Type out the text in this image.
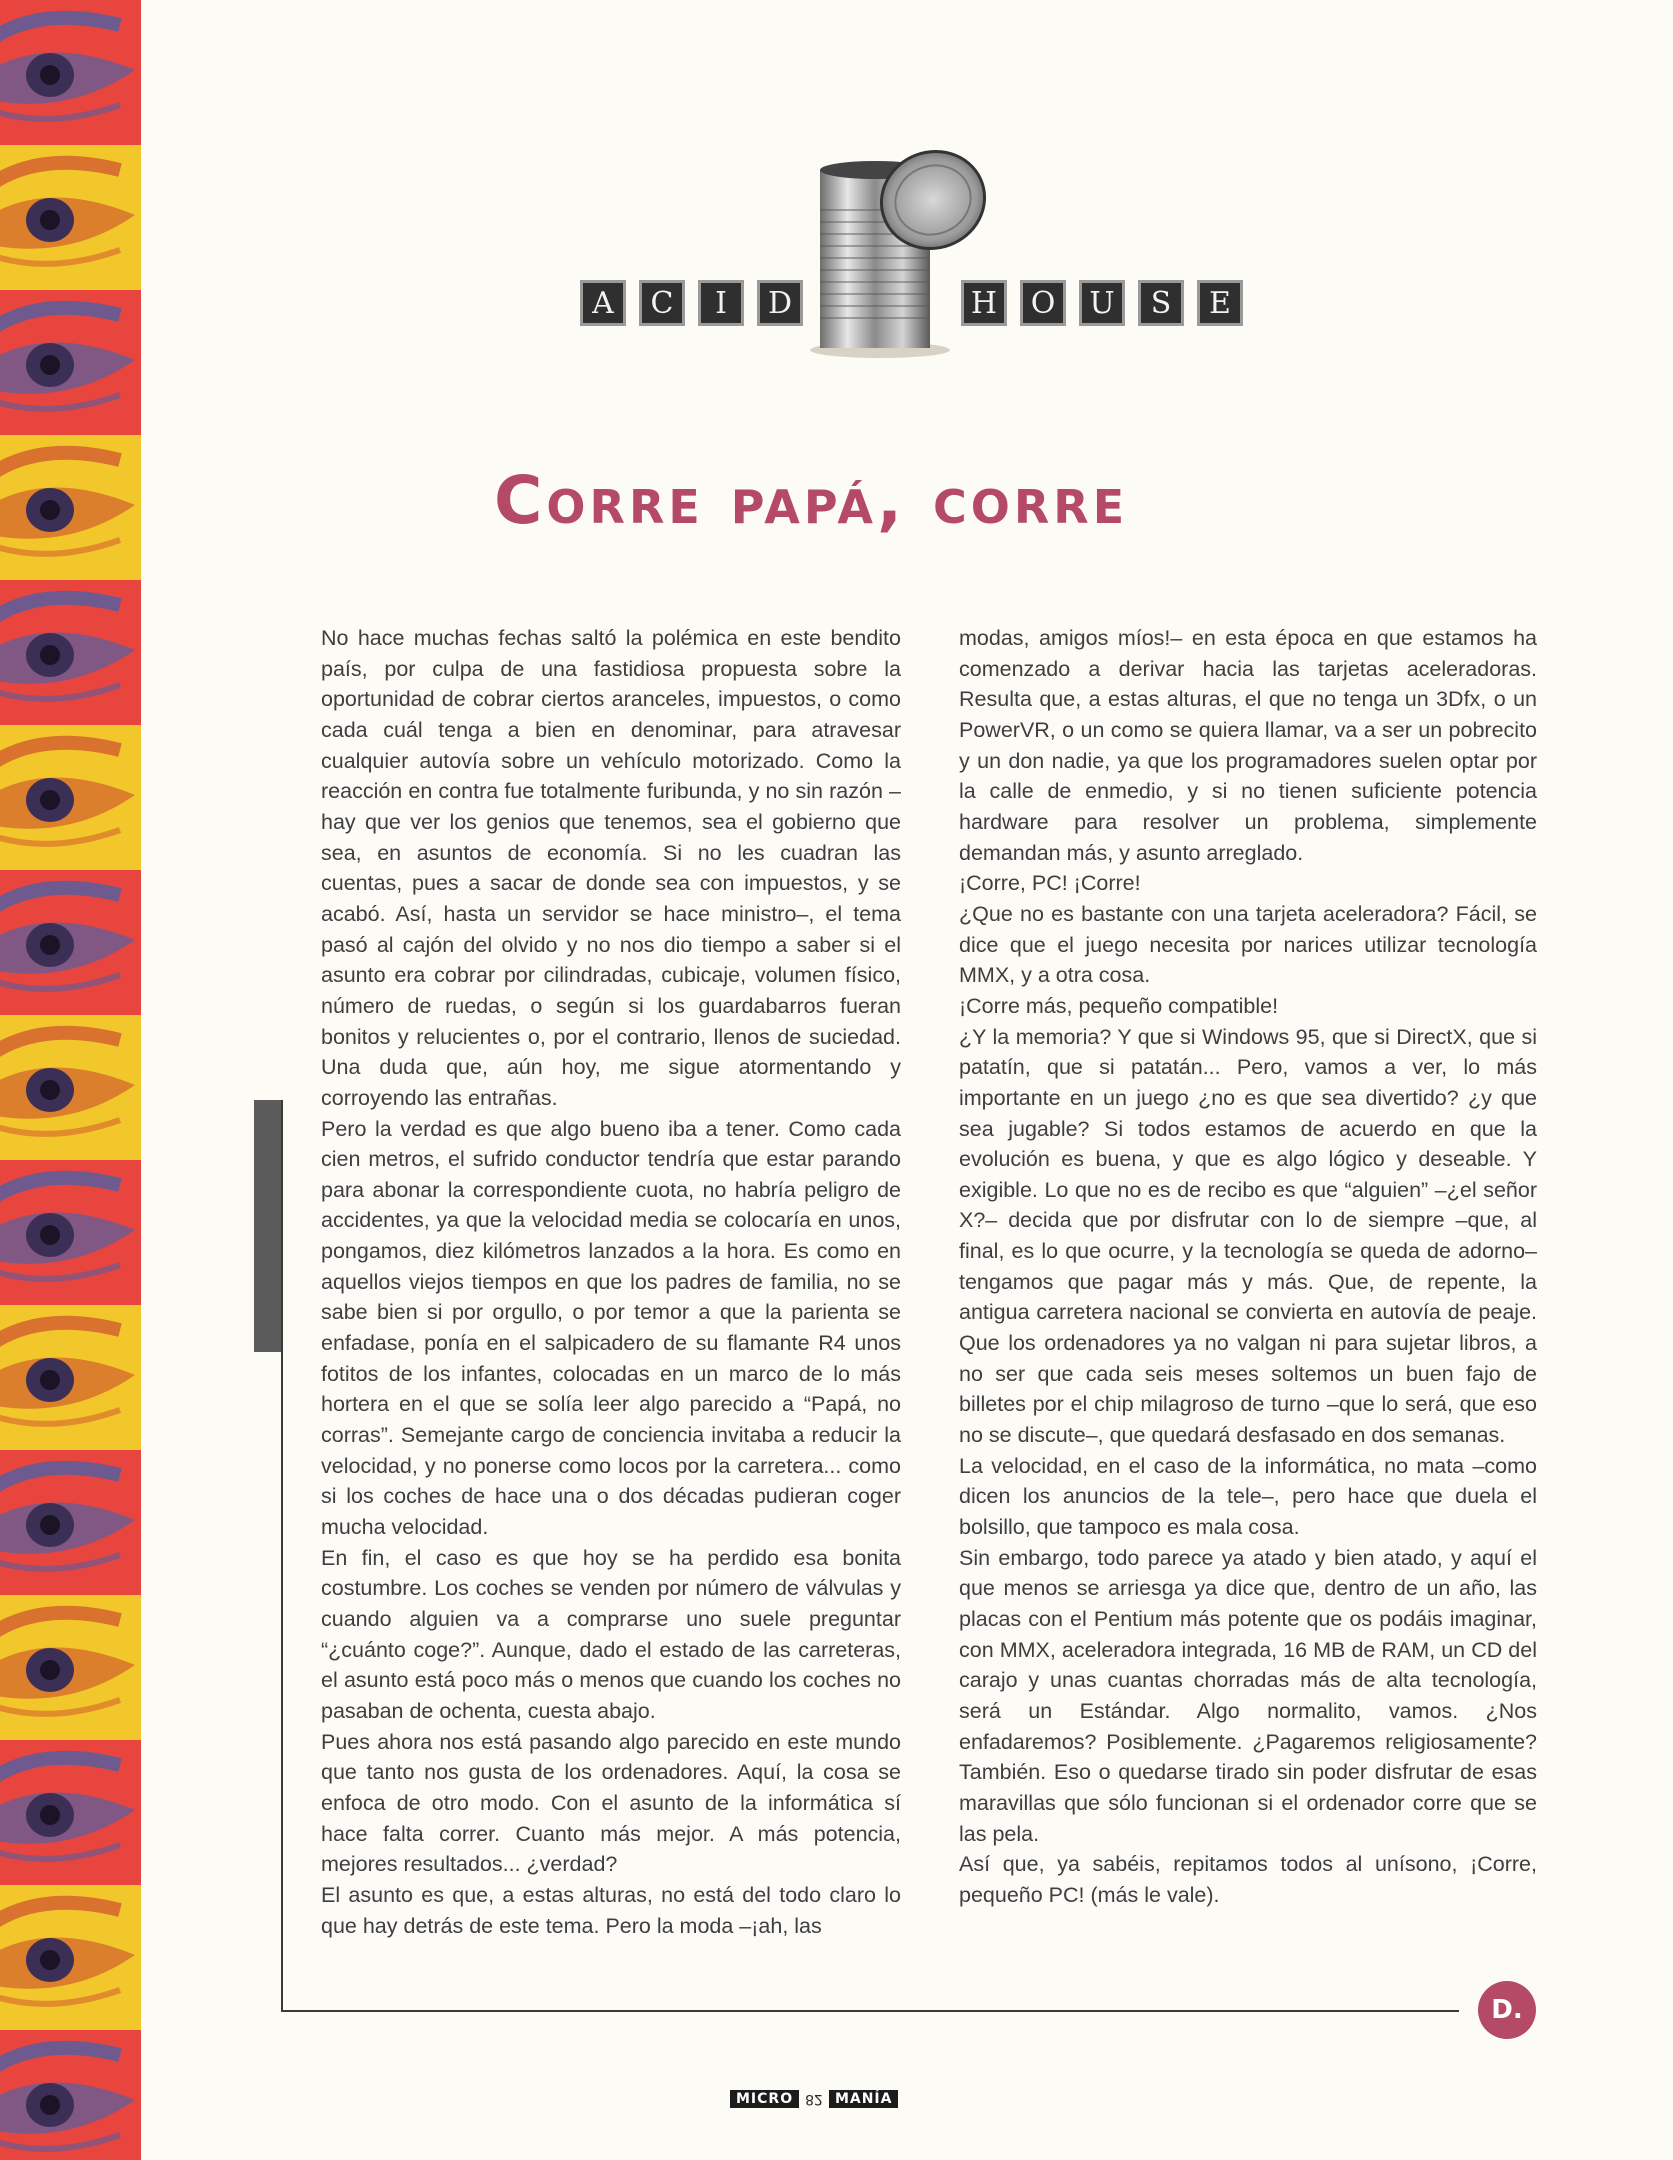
A	C	I	D	H	O	U	S	E
Corre papá, corre

No hace muchas fechas saltó la polémica en este bendito país, por culpa de una fastidiosa propuesta sobre la oportunidad de cobrar ciertos aranceles, impuestos, o como cada cuál tenga a bien en denominar, para atravesar cualquier autovía sobre un vehículo motorizado. Como la reacción en contra fue totalmente furibunda, y no sin razón –hay que ver los genios que tenemos, sea el gobierno que sea, en asuntos de economía. Si no les cuadran las cuentas, pues a sacar de donde sea con impuestos, y se acabó. Así, hasta un servidor se hace ministro–, el tema pasó al cajón del olvido y no nos dio tiempo a saber si el asunto era cobrar por cilindradas, cubicaje, volumen físico, número de ruedas, o según si los guardabarros fueran bonitos y relucientes o, por el contrario, llenos de suciedad. Una duda que, aún hoy, me sigue atormentando y corroyendo las entrañas.

Pero la verdad es que algo bueno iba a tener. Como cada cien metros, el sufrido conductor tendría que estar parando para abonar la correspondiente cuota, no habría peligro de accidentes, ya que la velocidad media se colocaría en unos, pongamos, diez kilómetros lanzados a la hora. Es como en aquellos viejos tiempos en que los padres de familia, no se sabe bien si por orgullo, o por temor a que la parienta se enfadase, ponía en el salpicadero de su flamante R4 unos fotitos de los infantes, colocadas en un marco de lo más hortera en el que se solía leer algo parecido a “Papá, no corras”. Semejante cargo de conciencia invitaba a reducir la velocidad, y no ponerse como locos por la carretera... como si los coches de hace una o dos décadas pudieran coger mucha velocidad.

En fin, el caso es que hoy se ha perdido esa bonita costumbre. Los coches se venden por número de válvulas y cuando alguien va a comprarse uno suele preguntar “¿cuánto coge?”. Aunque, dado el estado de las carreteras, el asunto está poco más o menos que cuando los coches no pasaban de ochenta, cuesta abajo.

Pues ahora nos está pasando algo parecido en este mundo que tanto nos gusta de los ordenadores. Aquí, la cosa se enfoca de otro modo. Con el asunto de la informática sí hace falta correr. Cuanto más mejor. A más potencia, mejores resultados... ¿verdad?

El asunto es que, a estas alturas, no está del todo claro lo que hay detrás de este tema. Pero la moda –¡ah, las

modas, amigos míos!– en esta época en que estamos ha comenzado a derivar hacia las tarjetas aceleradoras. Resulta que, a estas alturas, el que no tenga un 3Dfx, o un PowerVR, o un como se quiera llamar, va a ser un pobrecito y un don nadie, ya que los programadores suelen optar por la calle de enmedio, y si no tienen suficiente potencia hardware para resolver un problema, simplemente demandan más, y asunto arreglado.

¡Corre, PC! ¡Corre!

¿Que no es bastante con una tarjeta aceleradora? Fácil, se dice que el juego necesita por narices utilizar tecnología MMX, y a otra cosa.

¡Corre más, pequeño compatible!

¿Y la memoria? Y que si Windows 95, que si DirectX, que si patatín, que si patatán... Pero, vamos a ver, lo más importante en un juego ¿no es que sea divertido? ¿y que sea jugable? Si todos estamos de acuerdo en que la evolución es buena, y que es algo lógico y deseable. Y exigible. Lo que no es de recibo es que “alguien” –¿el señor X?– decida que por disfrutar con lo de siempre –que, al final, es lo que ocurre, y la tecnología se queda de adorno– tengamos que pagar más y más. Que, de repente, la antigua carretera nacional se convierta en autovía de peaje. Que los ordenadores ya no valgan ni para sujetar libros, a no ser que cada seis meses soltemos un buen fajo de billetes por el chip milagroso de turno –que lo será, que eso no se discute–, que quedará desfasado en dos semanas.

La velocidad, en el caso de la informática, no mata –como dicen los anuncios de la tele–, pero hace que duela el bolsillo, que tampoco es mala cosa.

Sin embargo, todo parece ya atado y bien atado, y aquí el que menos se arriesga ya dice que, dentro de un año, las placas con el Pentium más potente que os podáis imaginar, con MMX, aceleradora integrada, 16 MB de RAM, un CD del carajo y unas cuantas chorradas más de alta tecnología, será un Estándar. Algo normalito, vamos. ¿Nos enfadaremos? Posiblemente. ¿Pagaremos religiosamente? También. Eso o quedarse tirado sin poder disfrutar de esas maravillas que sólo funcionan si el ordenador corre que se las pela.

Así que, ya sabéis, repitamos todos al unísono, ¡Corre, pequeño PC! (más le vale).

D.
MICRO 82 MANÍA
